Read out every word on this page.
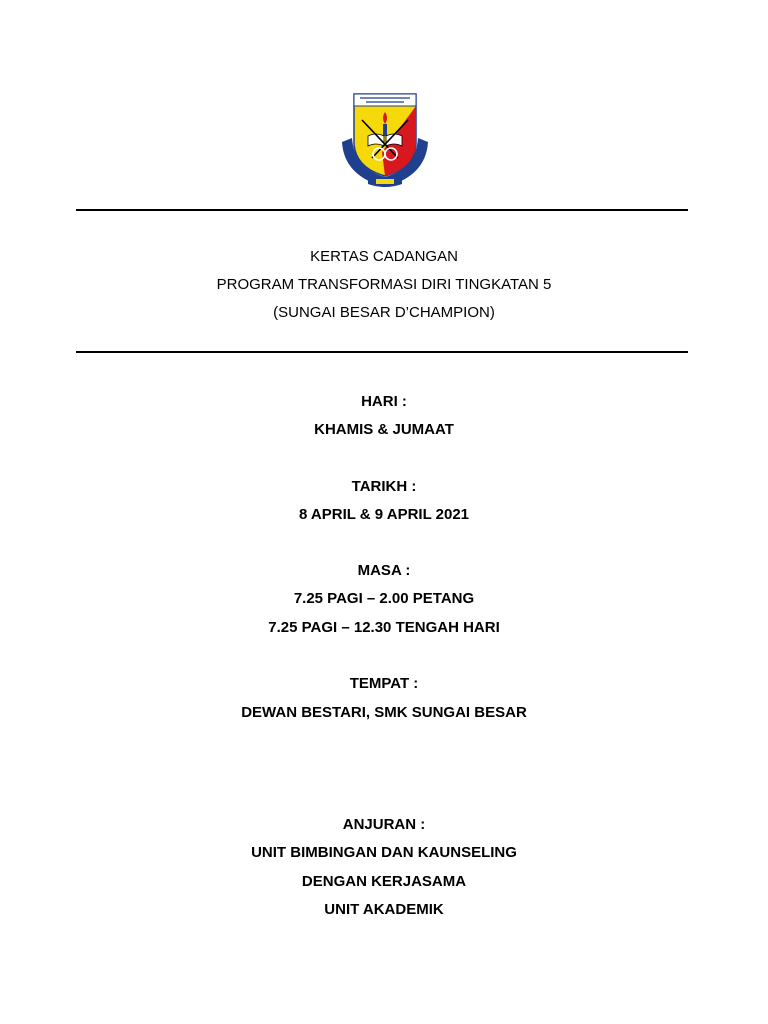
KERTAS CADANGAN
PROGRAM TRANSFORMASI DIRI TINGKATAN 5
(SUNGAI BESAR D’CHAMPION)
HARI :
KHAMIS & JUMAAT
TARIKH :
8 APRIL & 9 APRIL 2021
MASA :
7.25 PAGI – 2.00 PETANG
7.25 PAGI – 12.30 TENGAH HARI
TEMPAT :
DEWAN BESTARI, SMK SUNGAI BESAR
ANJURAN :
UNIT BIMBINGAN DAN KAUNSELING
DENGAN KERJASAMA
UNIT AKADEMIK
